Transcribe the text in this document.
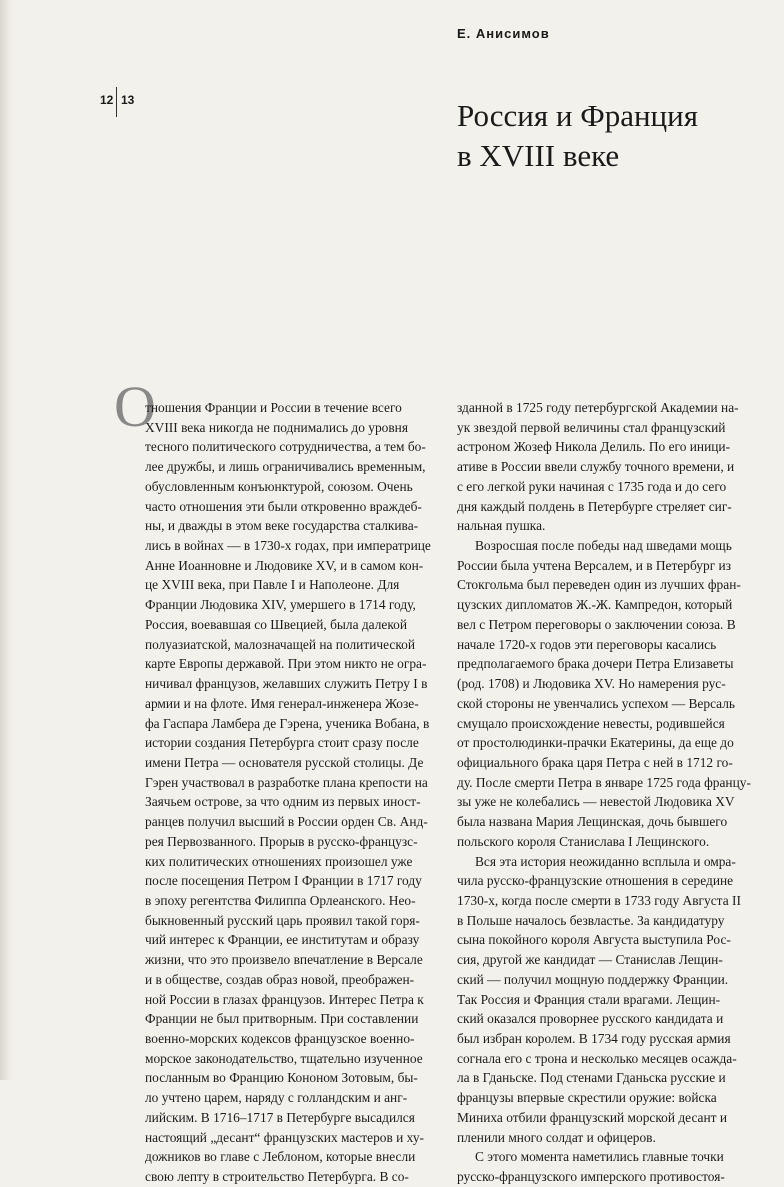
Е. Анисимов
12 13	Россия и Франция
в XVIII веке
О
тношения Франции и России в течение всего
XVIII века никогда не поднимались до уровня
тесного политического сотрудничества, а тем бо-
лее дружбы, и лишь ограничивались временным,
обусловленным конъюнктурой, союзом. Очень
часто отношения эти были откровенно враждеб-
ны, и дважды в этом веке государства сталкива-
лись в войнах — в 1730-х годах, при императрице
Анне Иоанновне и Людовике XV, и в самом кон-
це XVIII века, при Павле I и Наполеоне. Для
Франции Людовика XIV, умершего в 1714 году,
Россия, воевавшая со Швецией, была далекой
полуазиатской, малозначащей на политической
карте Европы державой. При этом никто не огра-
ничивал французов, желавших служить Петру I в
армии и на флоте. Имя генерал-инженера Жозе-
фа Гаспара Ламбера де Гэрена, ученика Вобана, в
истории создания Петербурга стоит сразу после
имени Петра — основателя русской столицы. Де
Гэрен участвовал в разработке плана крепости на
Заячьем острове, за что одним из первых иност-
ранцев получил высший в России орден Св. Анд-
рея Первозванного. Прорыв в русско-французс-
ких политических отношениях произошел уже
после посещения Петром I Франции в 1717 году
в эпоху регентства Филиппа Орлеанского. Нео-
быкновенный русский царь проявил такой горя-
чий интерес к Франции, ее институтам и образу
жизни, что это произвело впечатление в Версале
и в обществе, создав образ новой, преображен-
ной России в глазах французов. Интерес Петра к
Франции не был притворным. При составлении
военно-морских кодексов французское военно-
морское законодательство, тщательно изученное
посланным во Францию Кононом Зотовым, бы-
ло учтено царем, наряду с голландским и анг-
лийским. В 1716–1717 в Петербурге высадился
настоящий „десант“ французских мастеров и ху-
дожников во главе с Леблоном, которые внесли
свою лепту в строительство Петербурга. В со-
зданной в 1725 году петербургской Академии на-
ук звездой первой величины стал французский
астроном Жозеф Никола Делиль. По его иници-
ативе в России ввели службу точного времени, и
с его легкой руки начиная с 1735 года и до сего
дня каждый полдень в Петербурге стреляет сиг-
нальная пушка.
Возросшая после победы над шведами мощь
России была учтена Версалем, и в Петербург из
Стокгольма был переведен один из лучших фран-
цузских дипломатов Ж.-Ж. Кампредон, который
вел с Петром переговоры о заключении союза. В
начале 1720-х годов эти переговоры касались
предполагаемого брака дочери Петра Елизаветы
(род. 1708) и Людовика XV. Но намерения рус-
ской стороны не увенчались успехом — Версаль
смущало происхождение невесты, родившейся
от простолюдинки-прачки Екатерины, да еще до
официального брака царя Петра с ней в 1712 го-
ду. После смерти Петра в январе 1725 года францу-
зы уже не колебались — невестой Людовика XV
была названа Мария Лещинская, дочь бывшего
польского короля Станислава I Лещинского.
Вся эта история неожиданно всплыла и омра-
чила русско-французские отношения в середине
1730-х, когда после смерти в 1733 году Августа II
в Польше началось безвластье. За кандидатуру
сына покойного короля Августа выступила Рос-
сия, другой же кандидат — Станислав Лещин-
ский — получил мощную поддержку Франции.
Так Россия и Франция стали врагами. Лещин-
ский оказался проворнее русского кандидата и
был избран королем. В 1734 году русская армия
согнала его с трона и несколько месяцев осажда-
ла в Гданьске. Под стенами Гданьска русские и
французы впервые скрестили оружие: войска
Миниха отбили французский морской десант и
пленили много солдат и офицеров.
С этого момента наметились главные точки
русско-французского имперского противостоя-
